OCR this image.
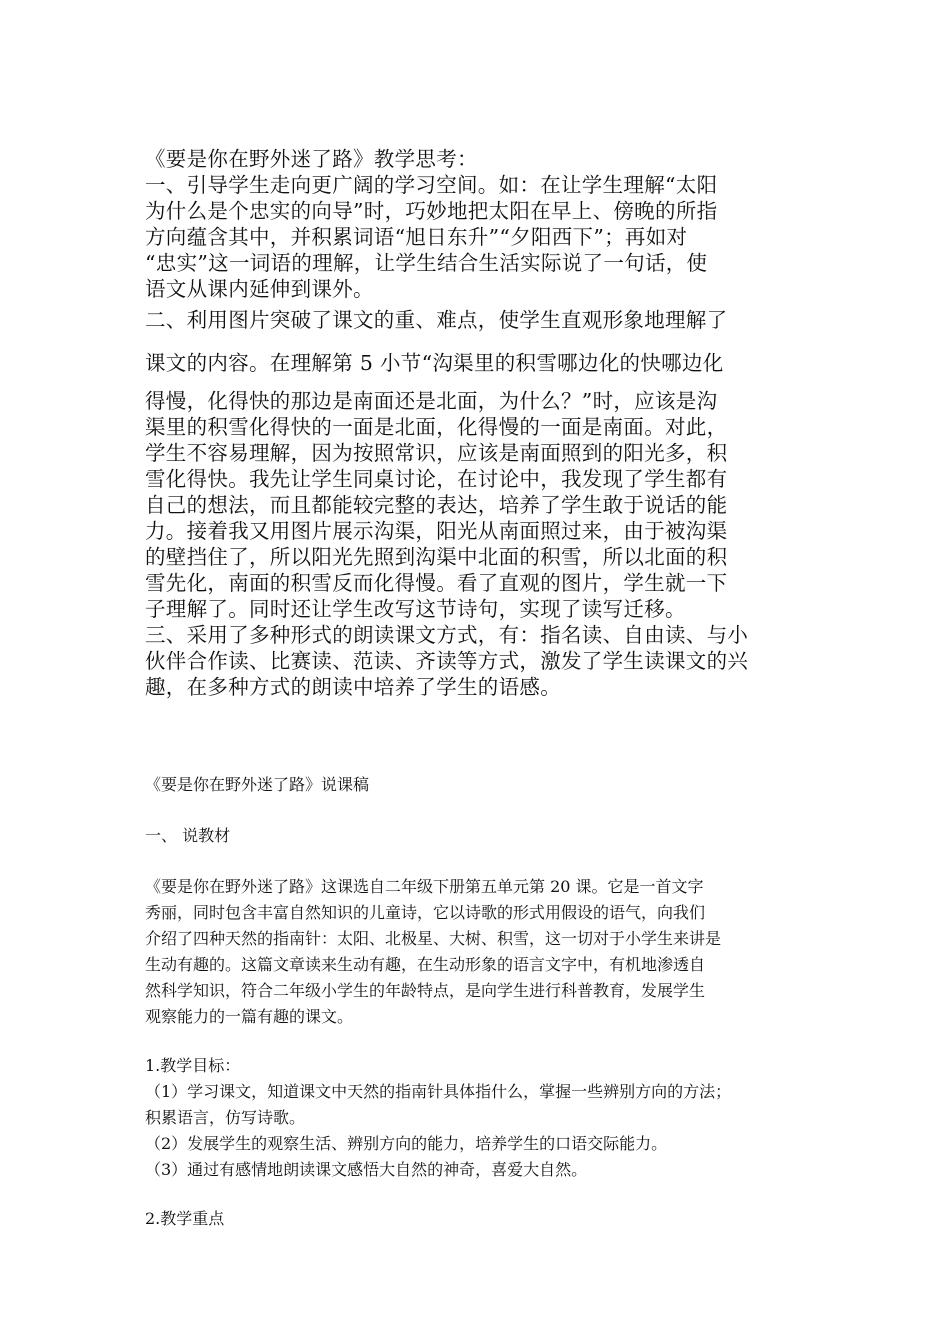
《要是你在野外迷了路》教学思考：
一、引导学生走向更广阔的学习空间。如：在让学生理解“太阳
为什么是个忠实的向导”时，巧妙地把太阳在早上、傍晚的所指
方向蕴含其中，并积累词语“旭日东升”“夕阳西下”；再如对
“忠实”这一词语的理解，让学生结合生活实际说了一句话，使
语文从课内延伸到课外。
二、利用图片突破了课文的重、难点，使学生直观形象地理解了
课文的内容。在理解第 5 小节“沟渠里的积雪哪边化的快哪边化
得慢，化得快的那边是南面还是北面，为什么？”时，应该是沟
渠里的积雪化得快的一面是北面，化得慢的一面是南面。对此，
学生不容易理解，因为按照常识，应该是南面照到的阳光多，积
雪化得快。我先让学生同桌讨论，在讨论中，我发现了学生都有
自己的想法，而且都能较完整的表达，培养了学生敢于说话的能
力。接着我又用图片展示沟渠，阳光从南面照过来，由于被沟渠
的壁挡住了，所以阳光先照到沟渠中北面的积雪，所以北面的积
雪先化，南面的积雪反而化得慢。看了直观的图片，学生就一下
子理解了。同时还让学生改写这节诗句，实现了读写迁移。
三、采用了多种形式的朗读课文方式，有：指名读、自由读、与小
伙伴合作读、比赛读、范读、齐读等方式，激发了学生读课文的兴
趣，在多种方式的朗读中培养了学生的语感。
《要是你在野外迷了路》说课稿
一、 说教材
《要是你在野外迷了路》这课选自二年级下册第五单元第 20 课。它是一首文字
秀丽，同时包含丰富自然知识的儿童诗，它以诗歌的形式用假设的语气，向我们
介绍了四种天然的指南针：太阳、北极星、大树、积雪，这一切对于小学生来讲是
生动有趣的。这篇文章读来生动有趣，在生动形象的语言文字中，有机地渗透自
然科学知识，符合二年级小学生的年龄特点，是向学生进行科普教育，发展学生
观察能力的一篇有趣的课文。
1.教学目标：
（1）学习课文，知道课文中天然的指南针具体指什么，掌握一些辨别方向的方法；
积累语言，仿写诗歌。
（2）发展学生的观察生活、辨别方向的能力，培养学生的口语交际能力。
（3）通过有感情地朗读课文感悟大自然的神奇，喜爱大自然。
2.教学重点
